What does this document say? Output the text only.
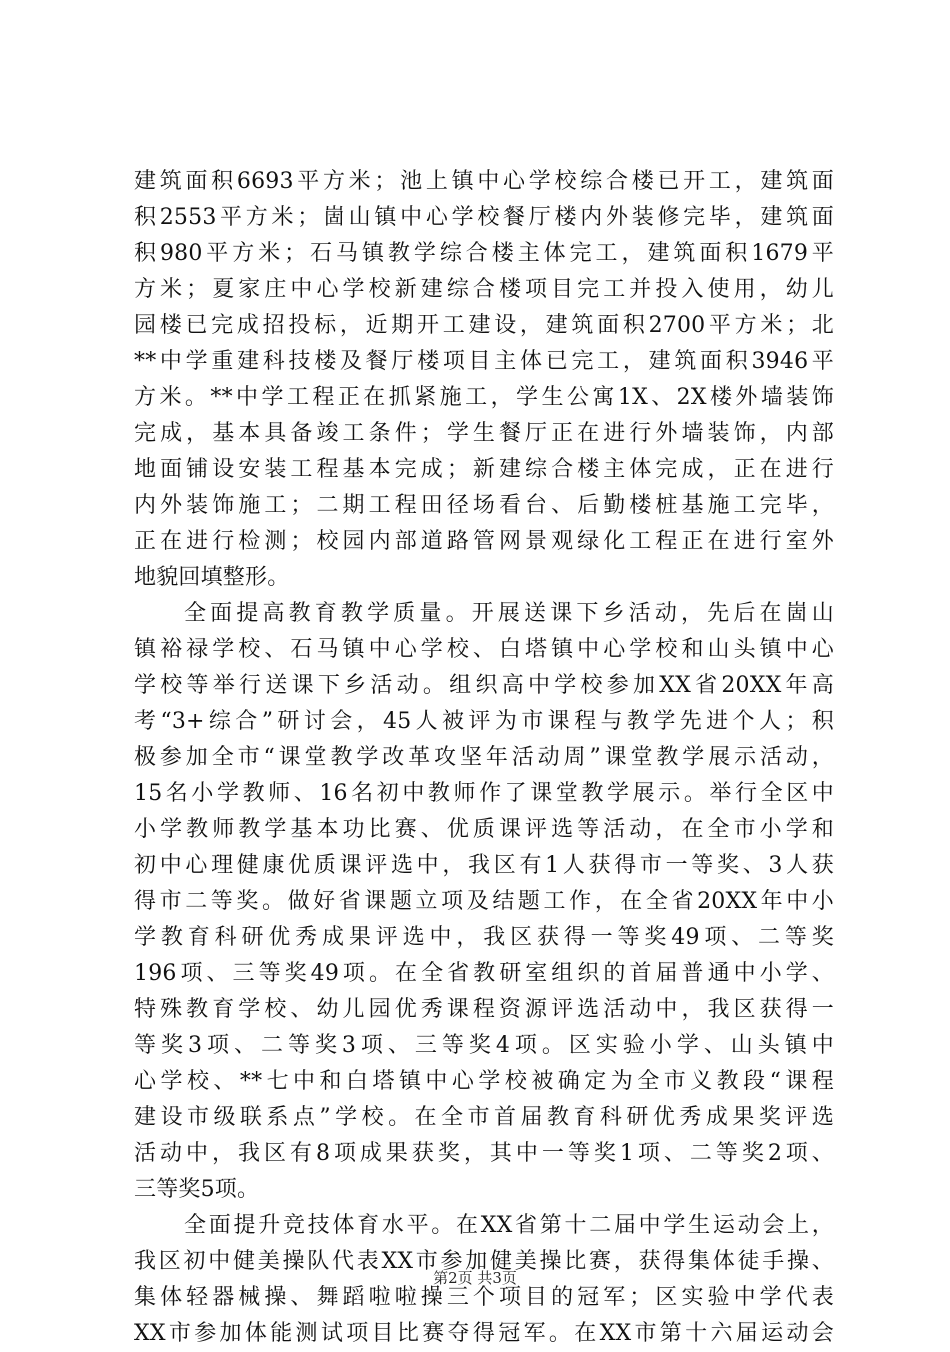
建筑面积6693平方米；池上镇中心学校综合楼已开工，建筑面
积2553平方米；崮山镇中心学校餐厅楼内外装修完毕，建筑面
积980平方米；石马镇教学综合楼主体完工，建筑面积1679平
方米；夏家庄中心学校新建综合楼项目完工并投入使用，幼儿
园楼已完成招投标，近期开工建设，建筑面积2700平方米；北
**中学重建科技楼及餐厅楼项目主体已完工，建筑面积3946平
方米。**中学工程正在抓紧施工，学生公寓1X、2X楼外墙装饰
完成，基本具备竣工条件；学生餐厅正在进行外墙装饰，内部
地面铺设安装工程基本完成；新建综合楼主体完成，正在进行
内外装饰施工；二期工程田径场看台、后勤楼桩基施工完毕，
正在进行检测；校园内部道路管网景观绿化工程正在进行室外
地貌回填整形。
全面提高教育教学质量。开展送课下乡活动，先后在崮山
镇裕禄学校、石马镇中心学校、白塔镇中心学校和山头镇中心
学校等举行送课下乡活动。组织高中学校参加XX省20XX年高
考“3+综合”研讨会，45人被评为市课程与教学先进个人；积
极参加全市“课堂教学改革攻坚年活动周”课堂教学展示活动，
15名小学教师、16名初中教师作了课堂教学展示。举行全区中
小学教师教学基本功比赛、优质课评选等活动，在全市小学和
初中心理健康优质课评选中，我区有1人获得市一等奖、3人获
得市二等奖。做好省课题立项及结题工作，在全省20XX年中小
学教育科研优秀成果评选中，我区获得一等奖49项、二等奖
196项、三等奖49项。在全省教研室组织的首届普通中小学、
特殊教育学校、幼儿园优秀课程资源评选活动中，我区获得一
等奖3项、二等奖3项、三等奖4项。区实验小学、山头镇中
心学校、**七中和白塔镇中心学校被确定为全市义教段“课程
建设市级联系点”学校。在全市首届教育科研优秀成果奖评选
活动中，我区有8项成果获奖，其中一等奖1项、二等奖2项、
三等奖5项。
全面提升竞技体育水平。在XX省第十二届中学生运动会上，
我区初中健美操队代表XX市参加健美操比赛，获得集体徒手操、
集体轻器械操、舞蹈啦啦操三个项目的冠军；区实验中学代表
XX市参加体能测试项目比赛夺得冠军。在XX市第十六届运动会
第2页 共3页
